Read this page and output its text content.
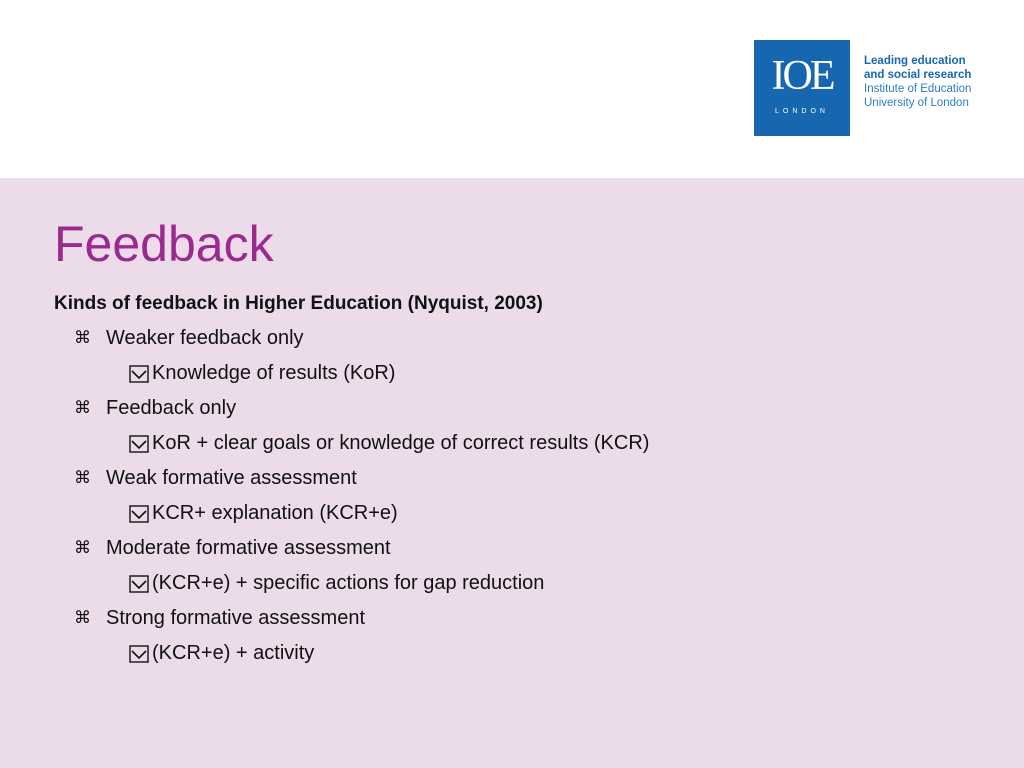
IOE
LONDON
Leading education
and social research
Institute of Education
University of London
Feedback
Kinds of feedback in Higher Education (Nyquist, 2003)
⌘ Weaker feedback only
Knowledge of results (KoR)
⌘ Feedback only
KoR + clear goals or knowledge of correct results (KCR)
⌘ Weak formative assessment
KCR+ explanation (KCR+e)
⌘ Moderate formative assessment
(KCR+e) + specific actions for gap reduction
⌘ Strong formative assessment
(KCR+e) + activity
